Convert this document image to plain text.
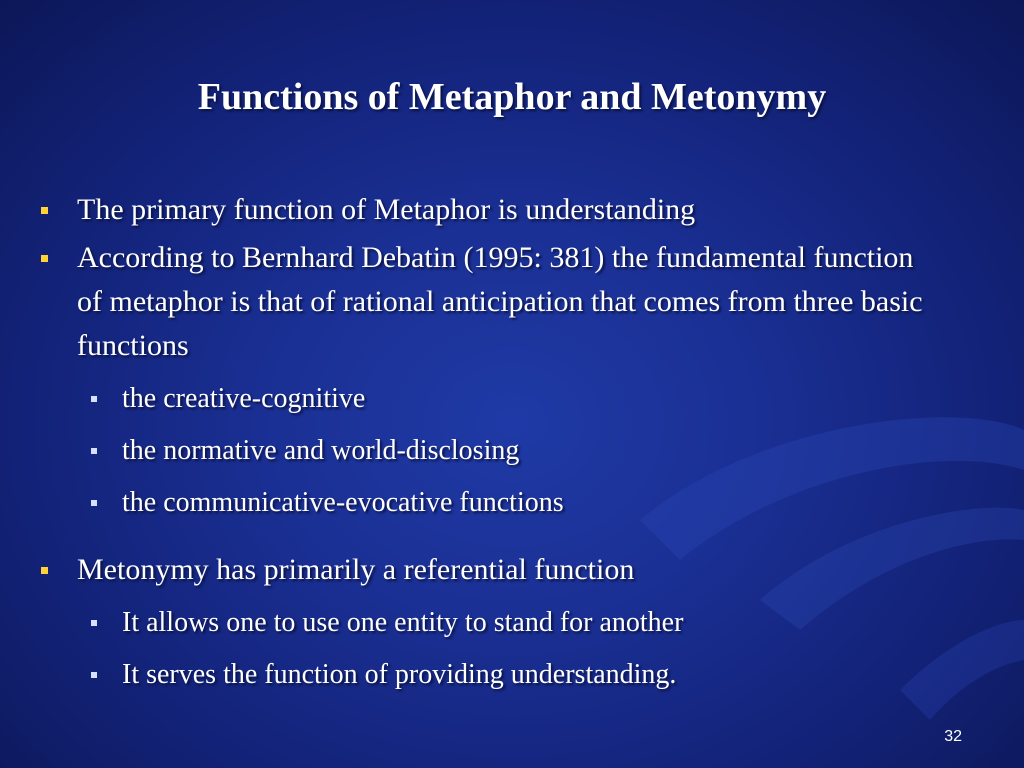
Functions of Metaphor and Metonymy
The primary function of Metaphor is understanding
According to Bernhard Debatin (1995: 381) the fundamental function of metaphor is that of rational anticipation that comes from three basic functions
the creative-cognitive
the normative and world-disclosing
the communicative-evocative functions
Metonymy has primarily a referential function
It allows one to use one entity to stand for another
It serves the function of providing understanding.
32
